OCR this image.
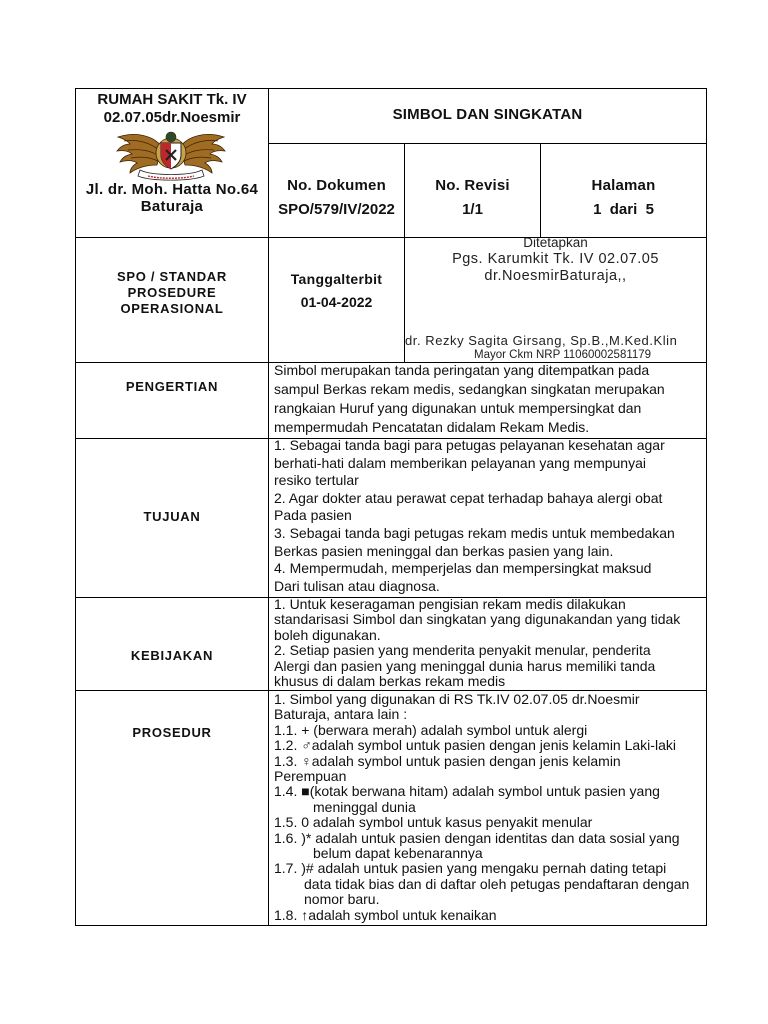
RUMAH SAKIT Tk. IV
02.07.05dr.Noesmir
Jl. dr. Moh. Hatta No.64
Baturaja
SIMBOL DAN SINGKATAN
No. Dokumen
SPO/579/IV/2022
No. Revisi
1/1
Halaman
1  dari  5
SPO / STANDAR
PROSEDURE
OPERASIONAL
Tanggalterbit
01-04-2022
Ditetapkan
Pgs. Karumkit Tk. IV 02.07.05
dr.NoesmirBaturaja,,
dr. Rezky Sagita Girsang, Sp.B.,M.Ked.Klin
Mayor Ckm NRP 11060002581179
PENGERTIAN
Simbol merupakan tanda peringatan yang ditempatkan pada
sampul Berkas rekam medis, sedangkan singkatan merupakan
rangkaian Huruf yang digunakan untuk mempersingkat dan
mempermudah Pencatatan didalam Rekam Medis.
TUJUAN
1. Sebagai tanda bagi para petugas pelayanan kesehatan agar
berhati-hati dalam memberikan pelayanan yang mempunyai
resiko tertular
2. Agar dokter atau perawat cepat terhadap bahaya alergi obat
Pada pasien
3. Sebagai tanda bagi petugas rekam medis untuk membedakan
Berkas pasien meninggal dan berkas pasien yang lain.
4. Mempermudah, memperjelas dan mempersingkat maksud
Dari tulisan atau diagnosa.
KEBIJAKAN
1. Untuk keseragaman pengisian rekam medis dilakukan
standarisasi Simbol dan singkatan yang digunakandan yang tidak
boleh digunakan.
2. Setiap pasien yang menderita penyakit menular, penderita
Alergi dan pasien yang meninggal dunia harus memiliki tanda
khusus di dalam berkas rekam medis
PROSEDUR
1. Simbol yang digunakan di RS Tk.IV 02.07.05 dr.Noesmir
Baturaja, antara lain :
1.1. + (berwara merah) adalah symbol untuk alergi
1.2. ♂adalah symbol untuk pasien dengan jenis kelamin Laki-laki
1.3. ♀adalah symbol untuk pasien dengan jenis kelamin
Perempuan
1.4. ■(kotak berwana hitam) adalah symbol untuk pasien yang
meninggal dunia
1.5. 0 adalah symbol untuk kasus penyakit menular
1.6. )* adalah untuk pasien dengan identitas dan data sosial yang
belum dapat kebenarannya
1.7. )# adalah untuk pasien yang mengaku pernah dating tetapi
data tidak bias dan di daftar oleh petugas pendaftaran dengan
nomor baru.
1.8. ↑adalah symbol untuk kenaikan
